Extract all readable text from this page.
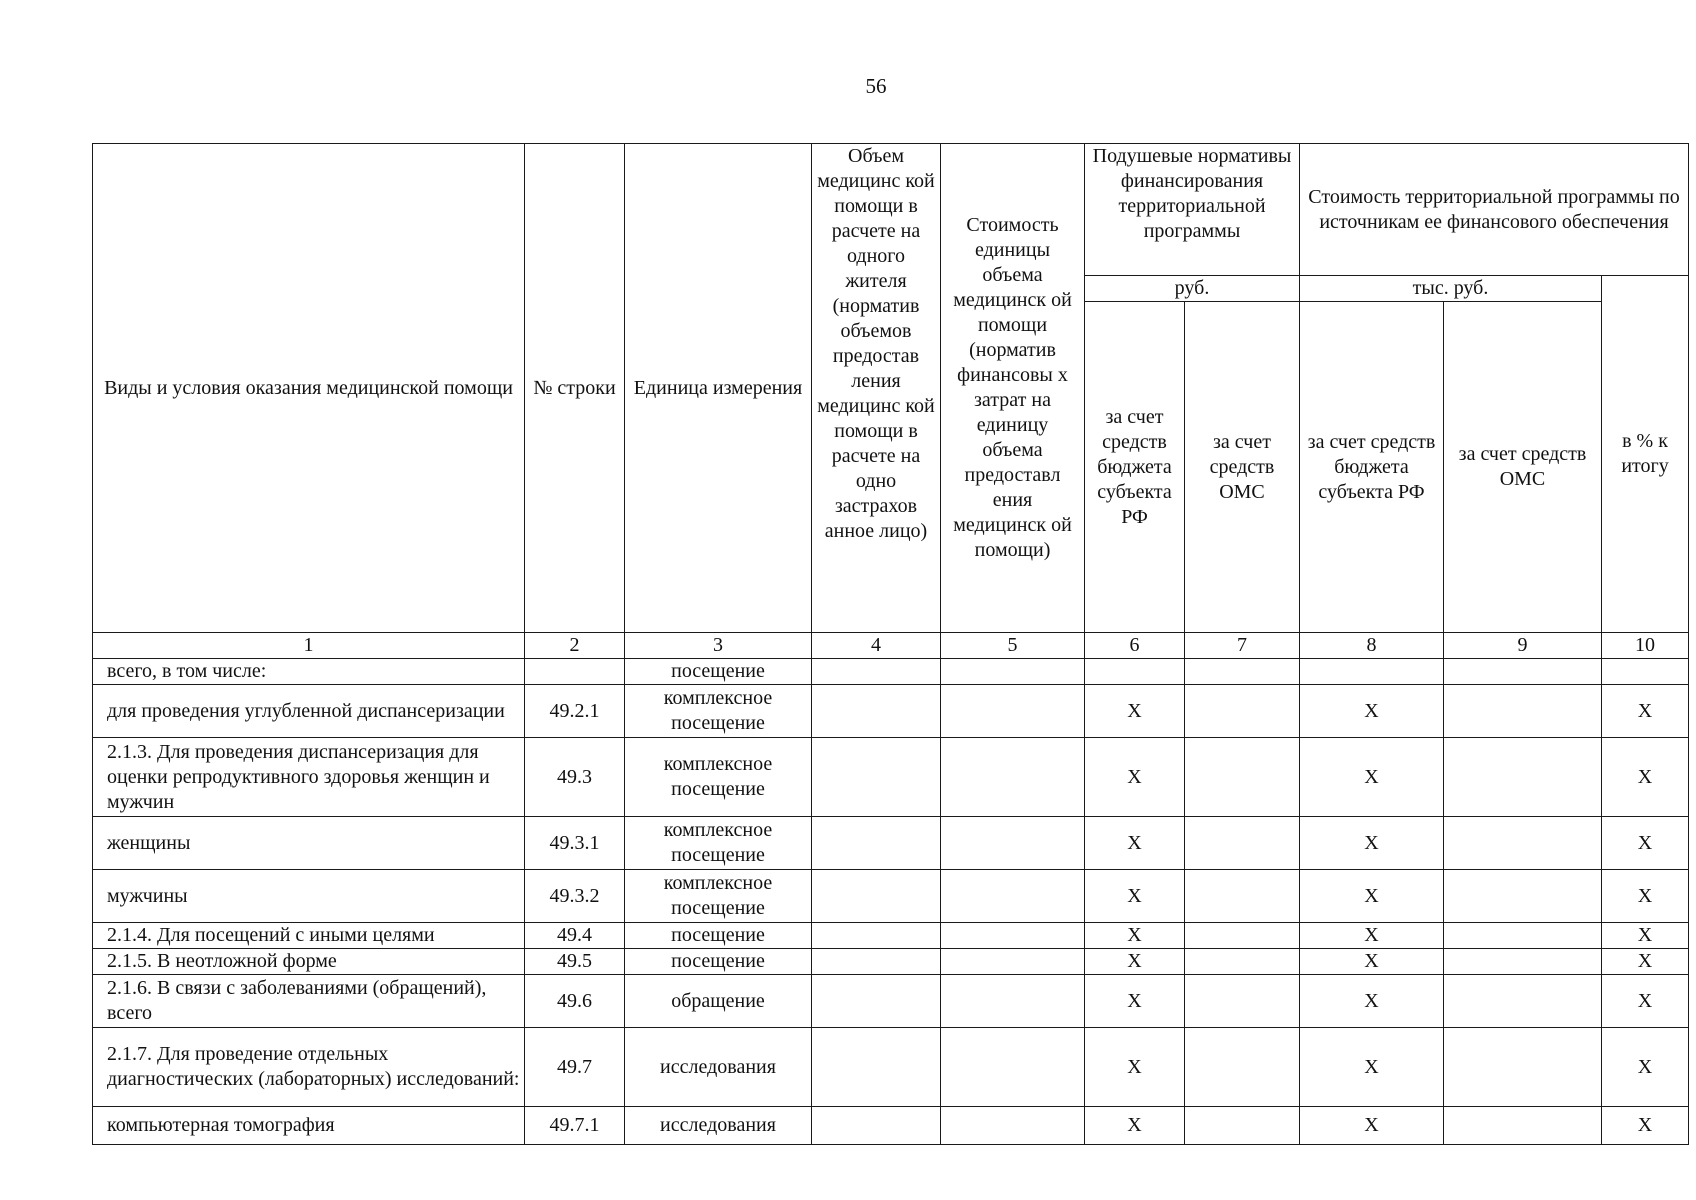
56
Виды и условия оказания медицинской помощи	№ строки	Единица измерения	Объем медицинс кой помощи в расчете на одного жителя (норматив объемов предостав ления медицинс кой помощи в расчете на одно застрахов анное лицо)	Стоимость единицы объема медицинск ой помощи (норматив финансовы х затрат на единицу объема предоставл ения медицинск ой помощи)	Подушевые нормативы финансирования территориальной программы		Стоимость территориальной программы по источникам ее финансового обеспечения		
					руб.		тыс. руб.		в % к итогу
					за счет средств бюджета субъекта РФ	за счет средств ОМС	за счет средств бюджета субъекта РФ	за счет средств ОМС	
1	2	3	4	5	6	7	8	9	10
всего, в том числе:		посещение							
для проведения углубленной диспансеризации	49.2.1	комплексное посещение			X		X		X
2.1.3. Для проведения диспансеризация для оценки репродуктивного здоровья женщин и мужчин	49.3	комплексное посещение			X		X		X
женщины	49.3.1	комплексное посещение			X		X		X
мужчины	49.3.2	комплексное посещение			X		X		X
2.1.4. Для посещений с иными целями	49.4	посещение			X		X		X
2.1.5. В неотложной форме	49.5	посещение			X		X		X
2.1.6. В связи с заболеваниями (обращений), всего	49.6	обращение			X		X		X
2.1.7. Для проведение отдельных диагностических (лабораторных) исследований:	49.7	исследования			X		X		X
компьютерная томография	49.7.1	исследования			X		X		X
